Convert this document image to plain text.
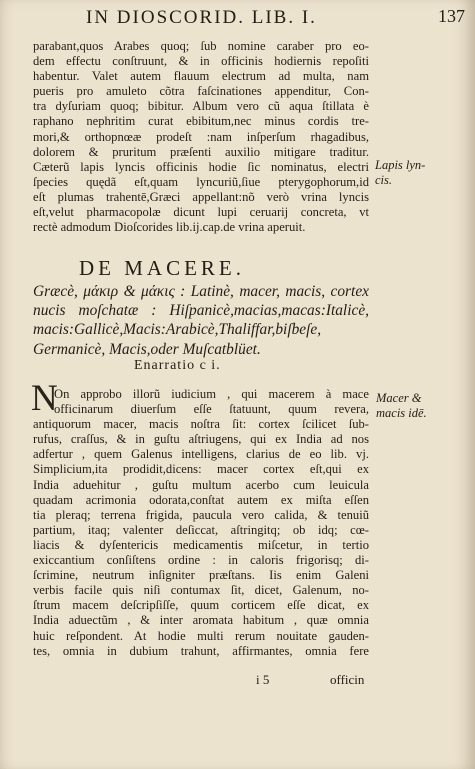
IN DIOSCORID. LIB. I.	137
parabant,quos Arabes quoq; ſub nomine caraber pro eo-
dem effectu conſtruunt, & in officinis hodiernis repoſiti
habentur. Valet autem flauum electrum ad multa, nam
pueris pro amuleto cõtra faſcinationes appenditur, Con-
tra dyſuriam quoq; bibitur. Album vero cũ aqua ſtillata è
raphano nephritim curat ebibitum,nec minus cordis tre-
mori,& orthopnœæ prodeſt :nam inſperſum rhagadibus,
dolorem & pruritum præſenti auxilio mitigare traditur.
Cæterũ lapis lyncis officinis hodie ſic nominatus, electri
ſpecies quędã eſt,quam lyncuriũ,ſiue pterygophorum,id
eſt plumas trahentē,Græci appellant:nõ verò vrina lyncis
eſt,velut pharmacopolæ dicunt lupi ceruarij concreta, vt
rectè admodum Dioſcorides lib.ij.cap.de vrina aperuit.
Lapis lyn-
cis.
DE MACERE.
Græcè, μάκιρ & μάκις : Latinè, macer, macis, cortex
nucis moſchatæ : Hiſpanicè,macias,macas:Italicè,
macis:Gallicè,Macis:Arabicè,Thaliffar,biſbeſe,
Germanicè, Macis,oder Muſcatblüet.
Enarratio c i.
N
On approbo illorũ iudicium , qui macerem à mace
officinarum diuerſum eſſe ſtatuunt, quum revera,
antiquorum macer, macis noſtra ſit: cortex ſcilicet ſub-
rufus, craſſus, & in guſtu aſtriugens, qui ex India ad nos
adfertur , quem Galenus intelligens, clarius de eo lib. vj.
Simplicium,ita prodidit,dicens: macer cortex eſt,qui ex
India aduehitur , guſtu multum acerbo cum leuicula
quadam acrimonia odorata,conſtat autem ex miſta eſſen
tia pleraq; terrena frigida, paucula vero calida, & tenuiũ
partium, itaq; valenter deſiccat, aſtringitq; ob idq; cœ-
liacis & dyſentericis medicamentis miſcetur, in tertio
exiccantium conſiſtens ordine : in caloris frigorisq; di-
ſcrimine, neutrum inſigniter præſtans. Iis enim Galeni
verbis facile quis niſi contumax ſit, dicet, Galenum, no-
ſtrum macem deſcripſiſſe, quum corticem eſſe dicat, ex
India aduectũm , & inter aromata habitum , quæ omnia
huic reſpondent. At hodie multi rerum nouitate gauden-
tes, omnia in dubium trahunt, affirmantes, omnia fere
Macer &
macis idē.
i 5	officin
